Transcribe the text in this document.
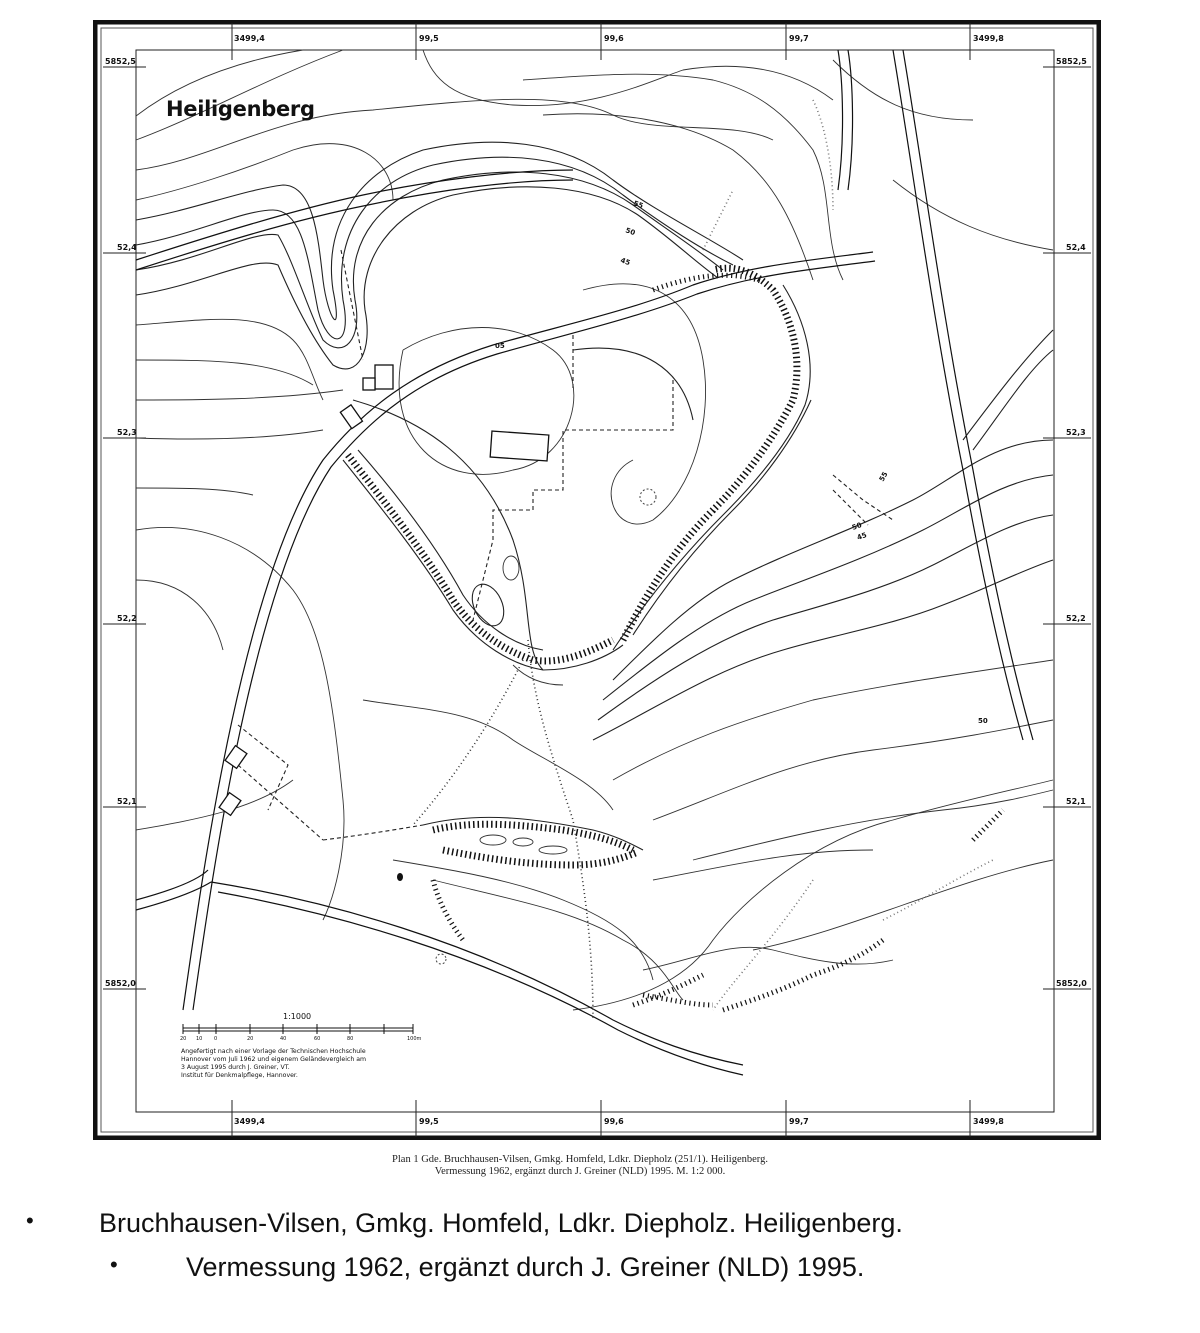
3499,4	99,5	99,6	99,7	3499,8
3499,4	99,5	99,6	99,7	3499,8
5852,5
52,4
52,3
52,2
52,1
5852,0
5852,5
52,4
52,3
52,2
52,1
5852,0
55
50
45
55
50
45
50
05
20 10 0	20	40	60	80	100m
Heiligenberg
1:1000
Angefertigt nach einer Vorlage der Technischen Hochschule
Hannover vom Juli 1962 und eigenem Geländevergleich am
3 August 1995 durch J. Greiner, VT.
Institut für Denkmalpflege, Hannover.
Plan 1 Gde. Bruchhausen-Vilsen, Gmkg. Homfeld, Ldkr. Diepholz (251/1). Heiligenberg.
Vermessung 1962, ergänzt durch J. Greiner (NLD) 1995. M. 1:2 000.
• Bruchhausen-Vilsen, Gmkg. Homfeld, Ldkr. Diepholz. Heiligenberg.
•	Vermessung 1962, ergänzt durch J. Greiner (NLD) 1995.
